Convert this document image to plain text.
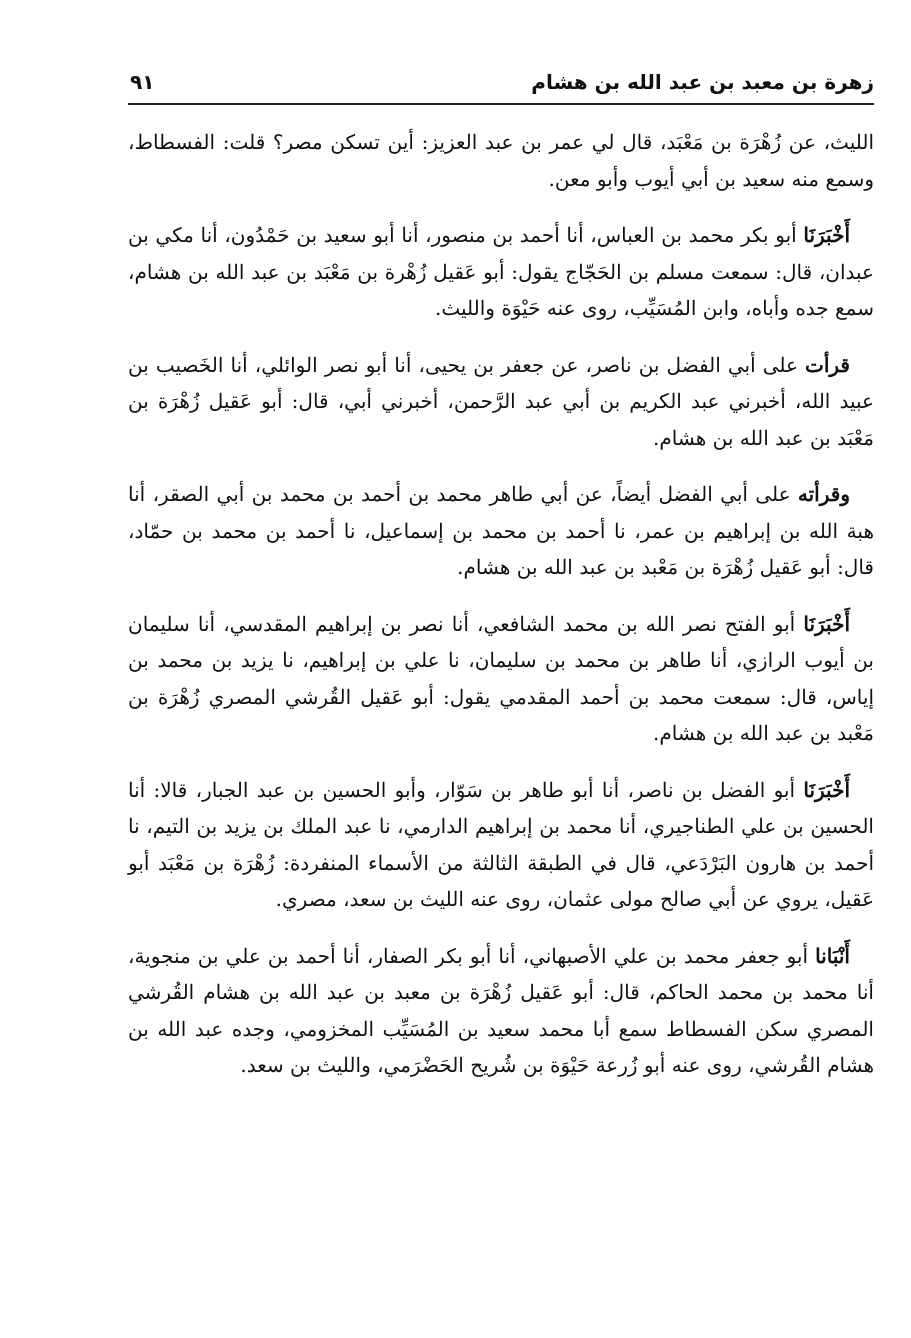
زهرة بن معبد بن عبد الله بن هشام
٩١

الليث، عن زُهْرَة بن مَعْبَد، قال لي عمر بن عبد العزيز: أين تسكن مصر؟ قلت: الفسطاط، وسمع منه سعيد بن أبي أيوب وأبو معن.

أَخْبَرَنَا أبو بكر محمد بن العباس، أنا أحمد بن منصور، أنا أبو سعيد بن حَمْدُون، أنا مكي بن عبدان، قال: سمعت مسلم بن الحَجّاج يقول: أبو عَقيل زُهْرة بن مَعْبَد بن عبد الله بن هشام، سمع جده وأباه، وابن المُسَيِّب، روى عنه حَيْوَة والليث.

قرأت على أبي الفضل بن ناصر، عن جعفر بن يحيى، أنا أبو نصر الوائلي، أنا الخَصيب بن عبيد الله، أخبرني عبد الكريم بن أبي عبد الرَّحمن، أخبرني أبي، قال: أبو عَقيل زُهْرَة بن مَعْبَد بن عبد الله بن هشام.

وقرأته على أبي الفضل أيضاً، عن أبي طاهر محمد بن أحمد بن محمد بن أبي الصقر، أنا هبة الله بن إبراهيم بن عمر، نا أحمد بن محمد بن إسماعيل، نا أحمد بن محمد بن حمّاد، قال: أبو عَقيل زُهْرَة بن مَعْبد بن عبد الله بن هشام.

أَخْبَرَنَا أبو الفتح نصر الله بن محمد الشافعي، أنا نصر بن إبراهيم المقدسي، أنا سليمان بن أيوب الرازي، أنا طاهر بن محمد بن سليمان، نا علي بن إبراهيم، نا يزيد بن محمد بن إياس، قال: سمعت محمد بن أحمد المقدمي يقول: أبو عَقيل القُرشي المصري زُهْرَة بن مَعْبد بن عبد الله بن هشام.

أَخْبَرَنَا أبو الفضل بن ناصر، أنا أبو طاهر بن سَوّار، وأبو الحسين بن عبد الجبار، قالا: أنا الحسين بن علي الطناجيري، أنا محمد بن إبراهيم الدارمي، نا عبد الملك بن يزيد بن التيم، نا أحمد بن هارون البَرْدَعي، قال في الطبقة الثالثة من الأسماء المنفردة: زُهْرَة بن مَعْبَد أبو عَقيل، يروي عن أبي صالح مولى عثمان، روى عنه الليث بن سعد، مصري.

أَنْبَانا أبو جعفر محمد بن علي الأصبهاني، أنا أبو بكر الصفار، أنا أحمد بن علي بن منجوية، أنا محمد بن محمد الحاكم، قال: أبو عَقيل زُهْرَة بن معبد بن عبد الله بن هشام القُرشي المصري سكن الفسطاط سمع أبا محمد سعيد بن المُسَيِّب المخزومي، وجده عبد الله بن هشام القُرشي، روى عنه أبو زُرعة حَيْوَة بن شُريح الحَضْرَمي، والليث بن سعد.
